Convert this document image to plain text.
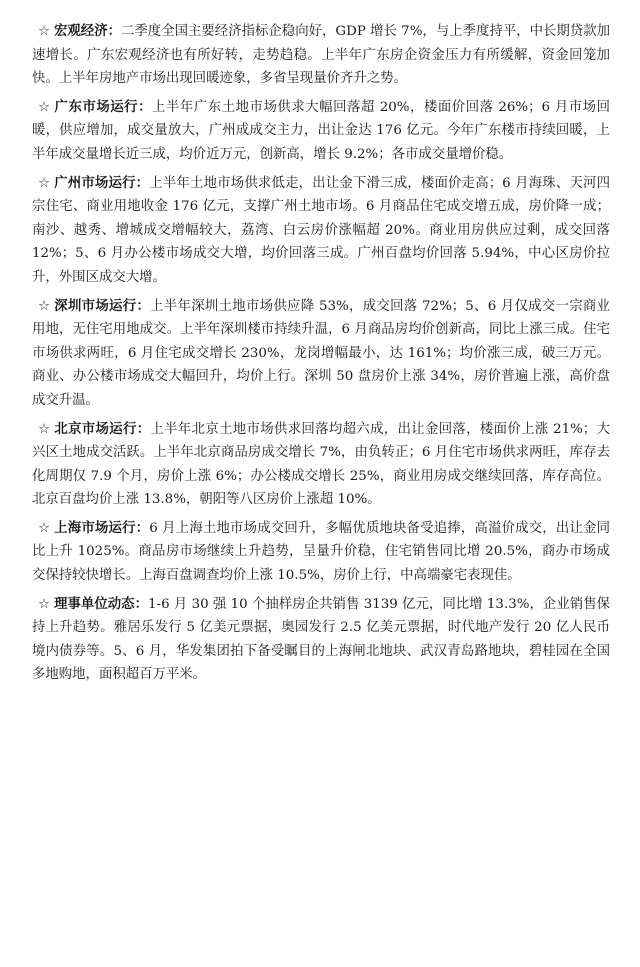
☆ 宏观经济：二季度全国主要经济指标企稳向好，GDP 增长 7%，与上季度持平，中长期贷款加速增长。广东宏观经济也有所好转，走势趋稳。上半年广东房企资金压力有所缓解，资金回笼加快。上半年房地产市场出现回暖迹象，多省呈现量价齐升之势。

☆ 广东市场运行：上半年广东土地市场供求大幅回落超 20%，楼面价回落 26%；6 月市场回暖，供应增加，成交量放大，广州成成交主力，出让金达 176 亿元。今年广东楼市持续回暖，上半年成交量增长近三成，均价近万元，创新高，增长 9.2%；各市成交量增价稳。

☆ 广州市场运行：上半年土地市场供求低走，出让金下滑三成，楼面价走高；6 月海珠、天河四宗住宅、商业用地收金 176 亿元，支撑广州土地市场。6 月商品住宅成交增五成，房价降一成；南沙、越秀、增城成交增幅较大，荔湾、白云房价涨幅超 20%。商业用房供应过剩，成交回落 12%；5、6 月办公楼市场成交大增，均价回落三成。广州百盘均价回落 5.94%，中心区房价拉升，外围区成交大增。

☆ 深圳市场运行：上半年深圳土地市场供应降 53%，成交回落 72%；5、6 月仅成交一宗商业用地，无住宅用地成交。上半年深圳楼市持续升温，6 月商品房均价创新高，同比上涨三成。住宅市场供求两旺，6 月住宅成交增长 230%，龙岗增幅最小，达 161%；均价涨三成，破三万元。商业、办公楼市场成交大幅回升，均价上行。深圳 50 盘房价上涨 34%，房价普遍上涨，高价盘成交升温。

☆ 北京市场运行：上半年北京土地市场供求回落均超六成，出让金回落，楼面价上涨 21%；大兴区土地成交活跃。上半年北京商品房成交增长 7%，由负转正；6 月住宅市场供求两旺，库存去化周期仅 7.9 个月，房价上涨 6%；办公楼成交增长 25%，商业用房成交继续回落，库存高位。北京百盘均价上涨 13.8%，朝阳等八区房价上涨超 10%。

☆ 上海市场运行：6 月上海土地市场成交回升，多幅优质地块备受追捧，高溢价成交，出让金同比上升 1025%。商品房市场继续上升趋势，呈量升价稳，住宅销售同比增 20.5%，商办市场成交保持较快增长。上海百盘调查均价上涨 10.5%，房价上行，中高端豪宅表现佳。

☆ 理事单位动态：1-6 月 30 强 10 个抽样房企共销售 3139 亿元，同比增 13.3%，企业销售保持上升趋势。雅居乐发行 5 亿美元票据，奥园发行 2.5 亿美元票据，时代地产发行 20 亿人民币境内债券等。5、6 月，华发集团拍下备受瞩目的上海闸北地块、武汉青岛路地块，碧桂园在全国多地购地，面积超百万平米。
